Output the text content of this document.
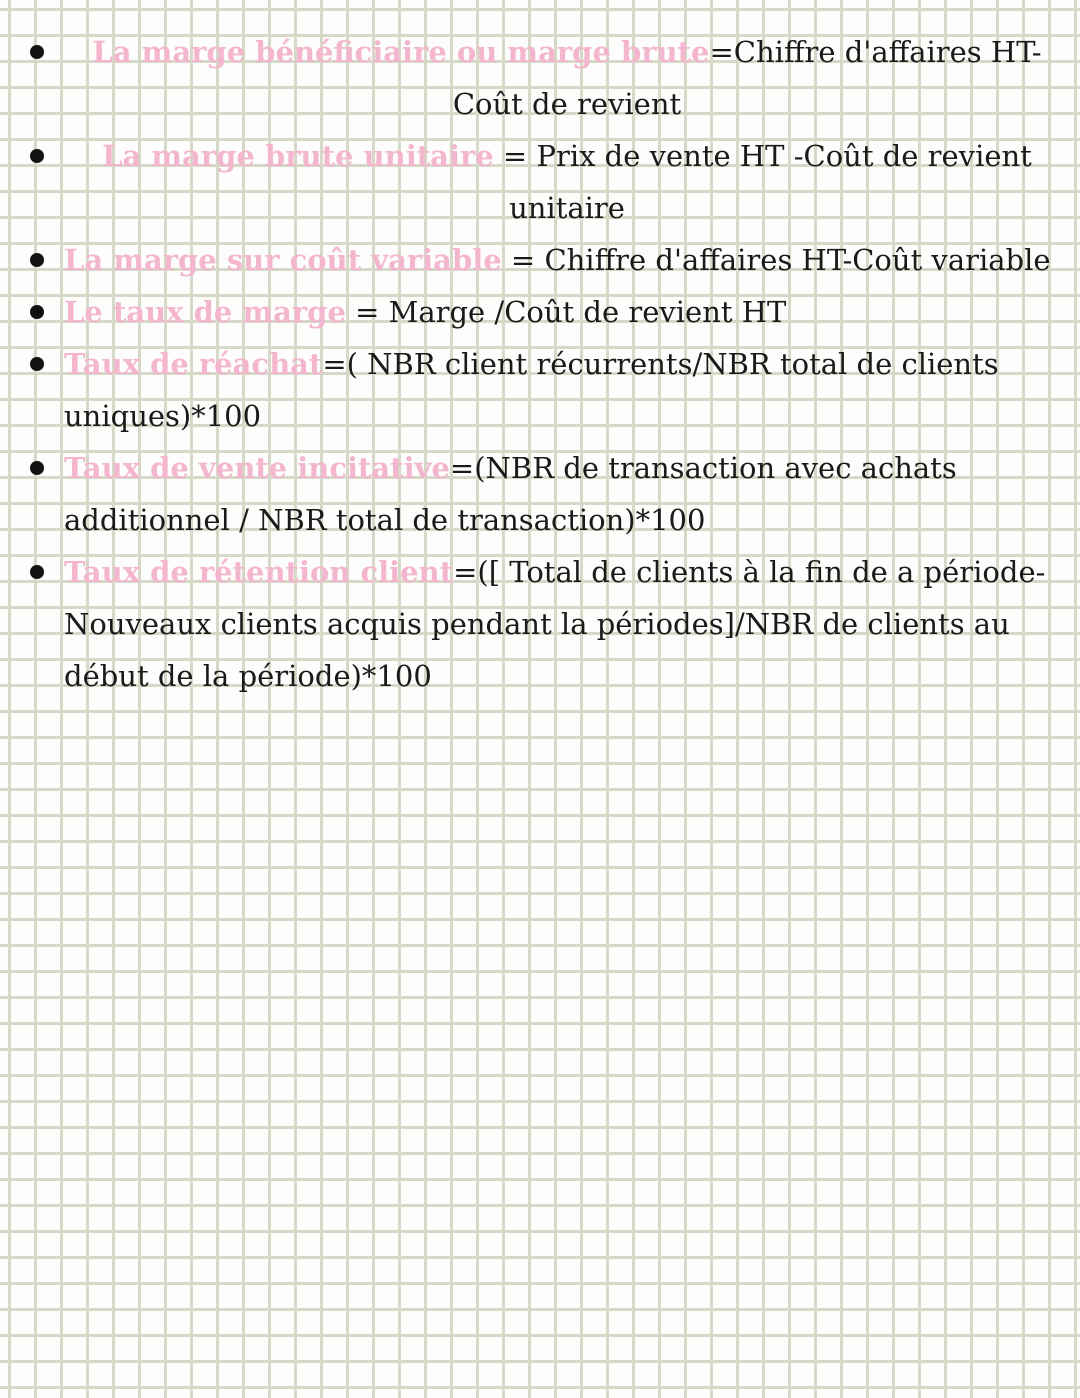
La marge bénéficiaire ou marge brute=Chiffre d'affaires HT-Coût de revient
La marge brute unitaire = Prix de vente HT -Coût de revient unitaire
La marge sur coût variable = Chiffre d'affaires HT-Coût variable
Le taux de marge = Marge /Coût de revient HT
Taux de réachat=( NBR client récurrents/NBR total de clients uniques)*100
Taux de vente incitative=(NBR de transaction avec achats additionnel / NBR total de transaction)*100
Taux de rétention client=([ Total de clients à la fin de a période-Nouveaux clients acquis pendant la périodes]/NBR de clients au début de la période)*100
